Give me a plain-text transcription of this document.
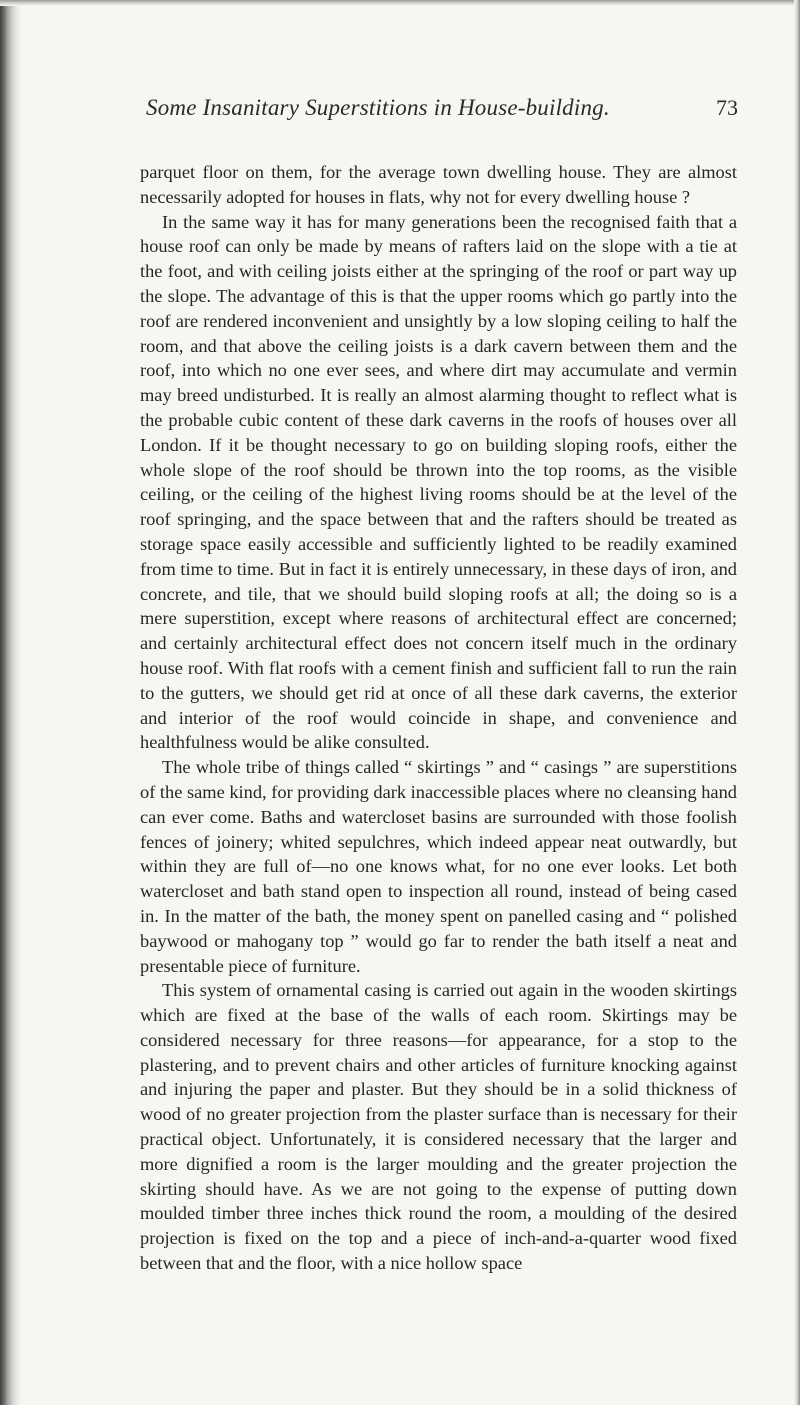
Some Insanitary Superstitions in House-building.	73

parquet floor on them, for the average town dwelling house. They are almost necessarily adopted for houses in flats, why not for every dwelling house ?

In the same way it has for many generations been the recognised faith that a house roof can only be made by means of rafters laid on the slope with a tie at the foot, and with ceiling joists either at the springing of the roof or part way up the slope. The advantage of this is that the upper rooms which go partly into the roof are rendered inconvenient and unsightly by a low sloping ceiling to half the room, and that above the ceiling joists is a dark cavern between them and the roof, into which no one ever sees, and where dirt may accumulate and vermin may breed undisturbed. It is really an almost alarming thought to reflect what is the probable cubic content of these dark caverns in the roofs of houses over all London. If it be thought necessary to go on building sloping roofs, either the whole slope of the roof should be thrown into the top rooms, as the visible ceiling, or the ceiling of the highest living rooms should be at the level of the roof springing, and the space between that and the rafters should be treated as storage space easily accessible and sufficiently lighted to be readily examined from time to time. But in fact it is entirely unnecessary, in these days of iron, and concrete, and tile, that we should build sloping roofs at all; the doing so is a mere superstition, except where reasons of architectural effect are concerned; and certainly architectural effect does not concern itself much in the ordinary house roof. With flat roofs with a cement finish and sufficient fall to run the rain to the gutters, we should get rid at once of all these dark caverns, the exterior and interior of the roof would coincide in shape, and convenience and healthfulness would be alike consulted.

The whole tribe of things called “ skirtings ” and “ casings ” are superstitions of the same kind, for providing dark inaccessible places where no cleansing hand can ever come. Baths and watercloset basins are surrounded with those foolish fences of joinery; whited sepulchres, which indeed appear neat outwardly, but within they are full of—no one knows what, for no one ever looks. Let both watercloset and bath stand open to inspection all round, instead of being cased in. In the matter of the bath, the money spent on panelled casing and “ polished baywood or mahogany top ” would go far to render the bath itself a neat and presentable piece of furniture.

This system of ornamental casing is carried out again in the wooden skirtings which are fixed at the base of the walls of each room. Skirtings may be considered necessary for three reasons—for appearance, for a stop to the plastering, and to prevent chairs and other articles of furniture knocking against and injuring the paper and plaster. But they should be in a solid thickness of wood of no greater projection from the plaster surface than is necessary for their practical object. Unfortunately, it is considered necessary that the larger and more dignified a room is the larger moulding and the greater projection the skirting should have. As we are not going to the expense of putting down moulded timber three inches thick round the room, a moulding of the desired projection is fixed on the top and a piece of inch-and-a-quarter wood fixed between that and the floor, with a nice hollow space
